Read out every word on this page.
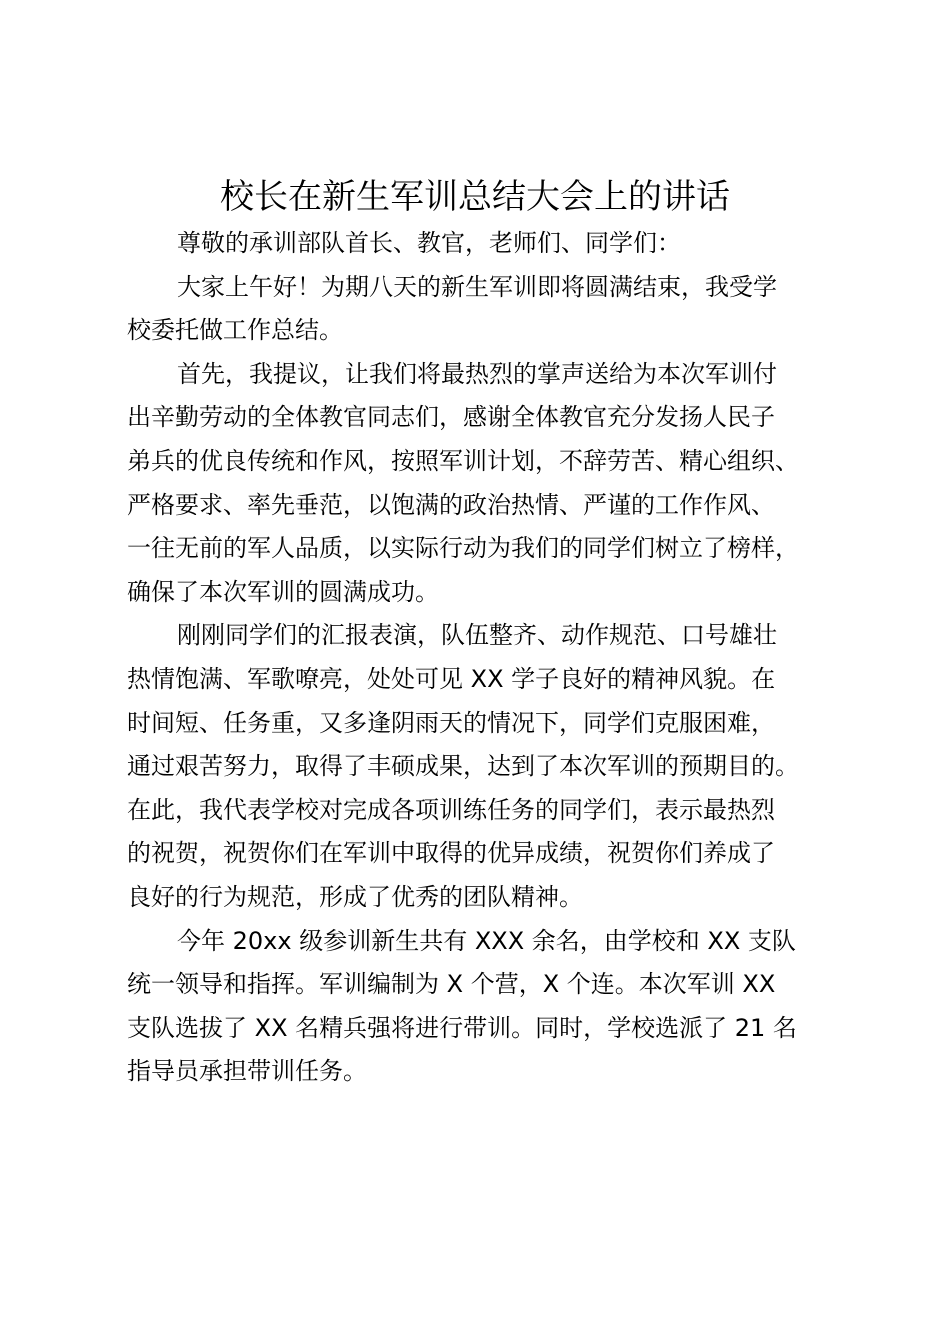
校长在新生军训总结大会上的讲话
尊敬的承训部队首长、教官，老师们、同学们：
大家上午好！为期八天的新生军训即将圆满结束，我受学
校委托做工作总结。
首先，我提议，让我们将最热烈的掌声送给为本次军训付
出辛勤劳动的全体教官同志们，感谢全体教官充分发扬人民子
弟兵的优良传统和作风，按照军训计划，不辞劳苦、精心组织、
严格要求、率先垂范，以饱满的政治热情、严谨的工作作风、
一往无前的军人品质，以实际行动为我们的同学们树立了榜样，
确保了本次军训的圆满成功。
刚刚同学们的汇报表演，队伍整齐、动作规范、口号雄壮
热情饱满、军歌嘹亮，处处可见 XX 学子良好的精神风貌。在
时间短、任务重，又多逢阴雨天的情况下，同学们克服困难，
通过艰苦努力，取得了丰硕成果，达到了本次军训的预期目的。
在此，我代表学校对完成各项训练任务的同学们，表示最热烈
的祝贺，祝贺你们在军训中取得的优异成绩，祝贺你们养成了
良好的行为规范，形成了优秀的团队精神。
今年 20xx 级参训新生共有 XXX 余名，由学校和 XX 支队
统一领导和指挥。军训编制为 X 个营，X 个连。本次军训 XX
支队选拔了 XX 名精兵强将进行带训。同时，学校选派了 21 名
指导员承担带训任务。
